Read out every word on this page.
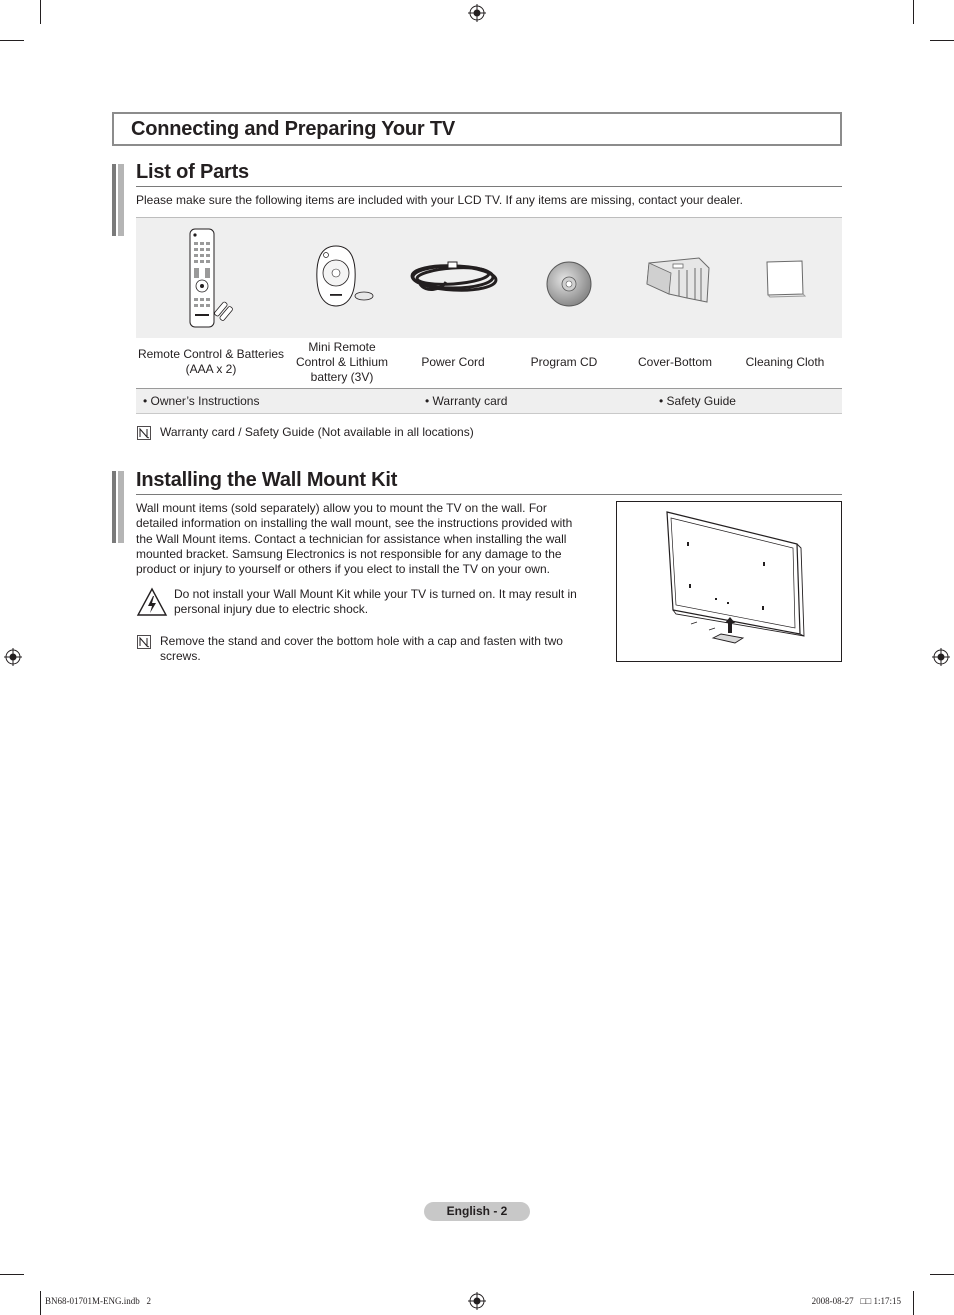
Connecting and Preparing Your TV
List of Parts
Please make sure the following items are included with your LCD TV. If any items are missing, contact your dealer.
Remote Control & Batteries
(AAA x 2)
Mini Remote
Control & Lithium
battery (3V)
Power Cord	Program CD	Cover-Bottom	Cleaning Cloth
• Owner’s Instructions	• Warranty card	• Safety Guide
Warranty card / Safety Guide (Not available in all locations)
Installing the Wall Mount Kit
Wall mount items (sold separately) allow you to mount the TV on the wall. For
detailed information on installing the wall mount, see the instructions provided with
the Wall Mount items. Contact a technician for assistance when installing the wall
mounted bracket. Samsung Electronics is not responsible for any damage to the
product or injury to yourself or others if you elect to install the TV on your own.
Do not install your Wall Mount Kit while your TV is turned on. It may result in
personal injury due to electric shock.
Remove the stand and cover the bottom hole with a cap and fasten with two
screws.
English - 2
BN68-01701M-ENG.indb   2	2008-08-27   □□ 1:17:15
